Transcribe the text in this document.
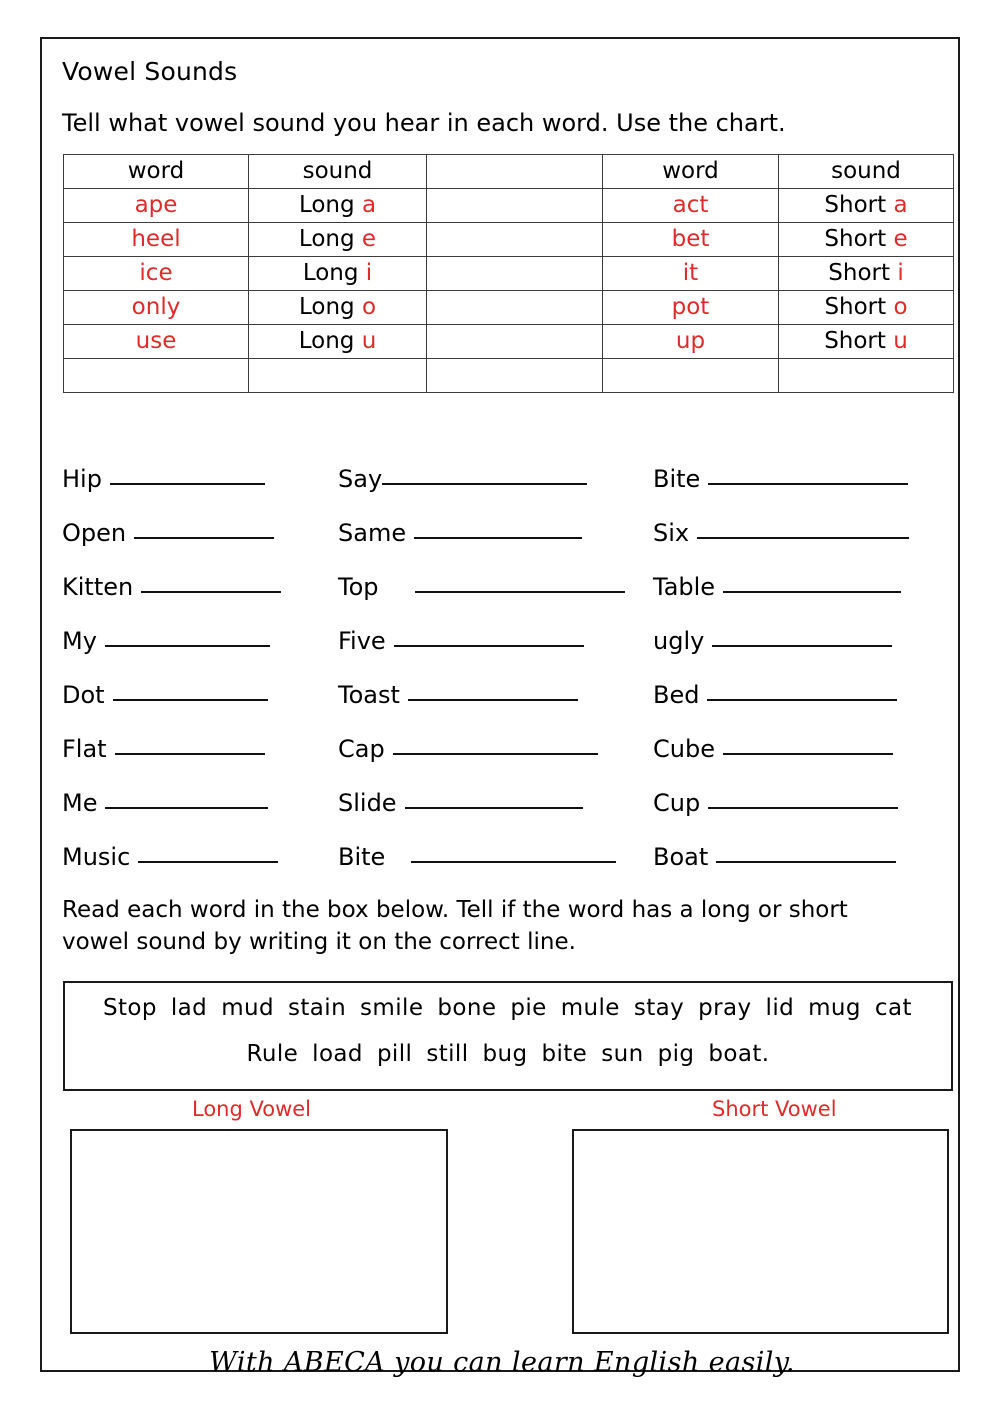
Vowel Sounds

Tell what vowel sound you hear in each word. Use the chart.

word	sound		word	sound
ape	Long a		act	Short a
heel	Long e		bet	Short e
ice	Long i		it	Short i
only	Long o		pot	Short o
use	Long u		up	Short u

Hip	Say	Bite
Open	Same	Six
Kitten	Top	Table
My	Five	ugly
Dot	Toast	Bed
Flat	Cap	Cube
Me	Slide	Cup
Music	Bite	Boat

Read each word in the box below. Tell if the word has a long or short vowel sound by writing it on the correct line.

Stop lad mud stain smile bone pie mule stay pray lid mug cat
Rule load pill still bug bite sun pig boat.
Long Vowel	Short Vowel
With ABECA you can learn English easily.
